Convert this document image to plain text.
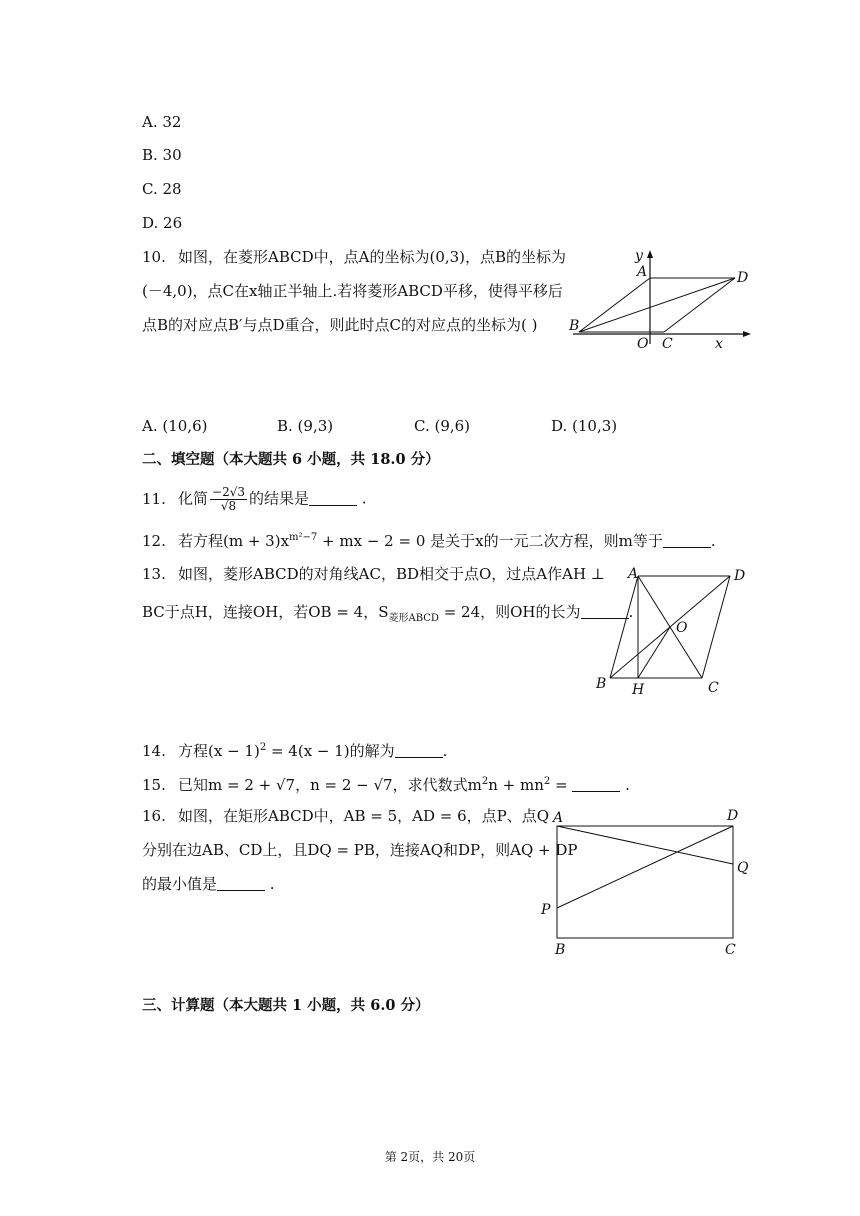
A. 32
B. 30
C. 28
D. 26
10. 如图，在菱形ABCD中，点A的坐标为(0,3)，点B的坐标为
(－4,0)，点C在x轴正半轴上.若将菱形ABCD平移，使得平移后
点B的对应点B′与点D重合，则此时点C的对应点的坐标为( )
y
A	D
B
O C	x
A. (10,6)	B. (9,3)	C. (9,6)	D. (10,3)
二、填空题（本大题共 6 小题，共 18.0 分）
11. 化简 $\frac{-2√3}{√8}$ 的结果是	.
12. 若方程$(m + 3)x^{m^2-7}$ + mx − 2 = 0 是关于x的一元二次方程，则m等于	.
13. 如图，菱形ABCD的对角线AC，BD相交于点O，过点A作AH ⊥
BC于点H，连接OH，若OB = 4，$S_{菱形ABCD} = 24$，则OH的长为	.
A	D
O
B H	C
14. 方程$(x - 1)^2 = 4(x - 1)$的解为	.
15. 已知m = 2 + √7，n = 2 − √7，求代数式$m^2n + mn^2$ =	.
16. 如图，在矩形ABCD中，AB = 5，AD = 6，点P、点Q
分别在边AB、CD上，且DQ = PB，连接AQ和DP，则AQ + DP
的最小值是	.
A	D
Q
P
B	C
三、计算题（本大题共 1 小题，共 6.0 分）
第 2页，共 20页
